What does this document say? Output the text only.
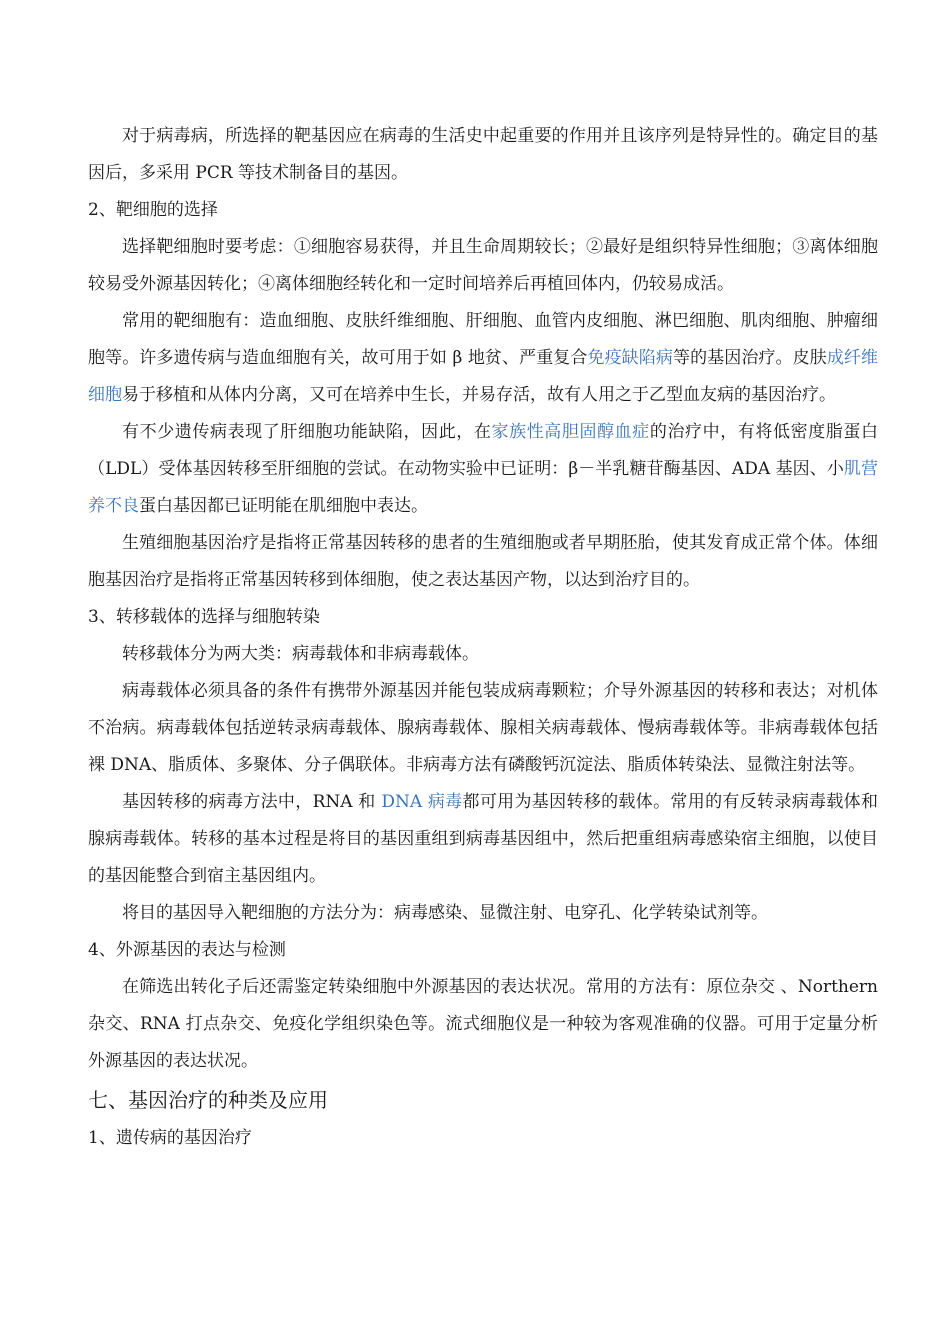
对于病毒病，所选择的靶基因应在病毒的生活史中起重要的作用并且该序列是特异性的。确定目的基因后，多采用 PCR 等技术制备目的基因。

2、靶细胞的选择

选择靶细胞时要考虑：①细胞容易获得，并且生命周期较长；②最好是组织特异性细胞；③离体细胞较易受外源基因转化；④离体细胞经转化和一定时间培养后再植回体内，仍较易成活。

常用的靶细胞有：造血细胞、皮肤纤维细胞、肝细胞、血管内皮细胞、淋巴细胞、肌肉细胞、肿瘤细胞等。许多遗传病与造血细胞有关，故可用于如 β 地贫、严重复合免疫缺陷病等的基因治疗。皮肤成纤维细胞易于移植和从体内分离，又可在培养中生长，并易存活，故有人用之于乙型血友病的基因治疗。

有不少遗传病表现了肝细胞功能缺陷，因此，在家族性高胆固醇血症的治疗中，有将低密度脂蛋白（LDL）受体基因转移至肝细胞的尝试。在动物实验中已证明：β－半乳糖苷酶基因、ADA 基因、小肌营养不良蛋白基因都已证明能在肌细胞中表达。

生殖细胞基因治疗是指将正常基因转移的患者的生殖细胞或者早期胚胎，使其发育成正常个体。体细胞基因治疗是指将正常基因转移到体细胞，使之表达基因产物，以达到治疗目的。

3、转移载体的选择与细胞转染

转移载体分为两大类：病毒载体和非病毒载体。

病毒载体必须具备的条件有携带外源基因并能包装成病毒颗粒；介导外源基因的转移和表达；对机体不治病。病毒载体包括逆转录病毒载体、腺病毒载体、腺相关病毒载体、慢病毒载体等。非病毒载体包括裸 DNA、脂质体、多聚体、分子偶联体。非病毒方法有磷酸钙沉淀法、脂质体转染法、显微注射法等。

基因转移的病毒方法中，RNA 和 DNA 病毒都可用为基因转移的载体。常用的有反转录病毒载体和腺病毒载体。转移的基本过程是将目的基因重组到病毒基因组中，然后把重组病毒感染宿主细胞，以使目的基因能整合到宿主基因组内。

将目的基因导入靶细胞的方法分为：病毒感染、显微注射、电穿孔、化学转染试剂等。

4、外源基因的表达与检测

在筛选出转化子后还需鉴定转染细胞中外源基因的表达状况。常用的方法有：原位杂交 、Northern 杂交、RNA 打点杂交、免疫化学组织染色等。流式细胞仪是一种较为客观准确的仪器。可用于定量分析外源基因的表达状况。

七、基因治疗的种类及应用

1、遗传病的基因治疗
